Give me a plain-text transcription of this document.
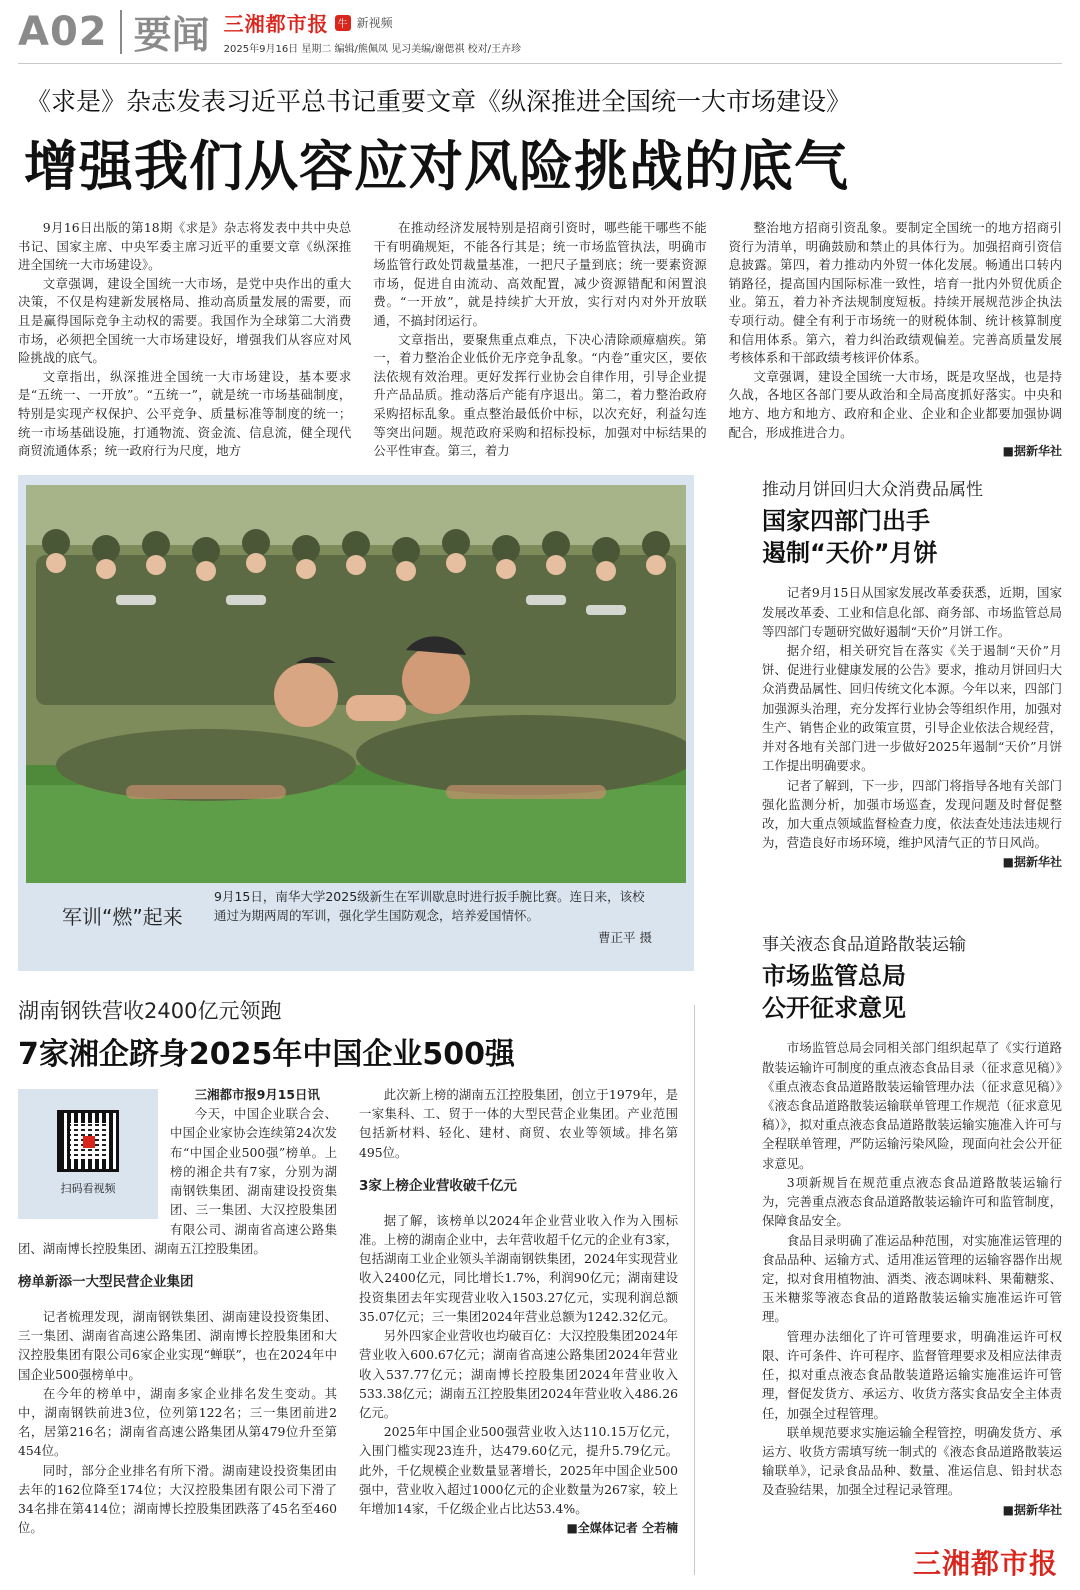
A02 要闻 三湘都市报 牛 新视频
2025年9月16日 星期二 编辑/熊佩凤 见习美编/谢偲祺 校对/王卉珍
《求是》杂志发表习近平总书记重要文章《纵深推进全国统一大市场建设》
增强我们从容应对风险挑战的底气

9月16日出版的第18期《求是》杂志将发表中共中央总书记、国家主席、中央军委主席习近平的重要文章《纵深推进全国统一大市场建设》。

文章强调，建设全国统一大市场，是党中央作出的重大决策，不仅是构建新发展格局、推动高质量发展的需要，而且是赢得国际竞争主动权的需要。我国作为全球第二大消费市场，必须把全国统一大市场建设好，增强我们从容应对风险挑战的底气。

文章指出，纵深推进全国统一大市场建设，基本要求是“五统一、一开放”。“五统一”，就是统一市场基础制度，特别是实现产权保护、公平竞争、质量标准等制度的统一；统一市场基础设施，打通物流、资金流、信息流，健全现代商贸流通体系；统一政府行为尺度，地方

在推动经济发展特别是招商引资时，哪些能干哪些不能干有明确规矩，不能各行其是；统一市场监管执法，明确市场监管行政处罚裁量基准，一把尺子量到底；统一要素资源市场，促进自由流动、高效配置，减少资源错配和闲置浪费。“一开放”，就是持续扩大开放，实行对内对外开放联通，不搞封闭运行。

文章指出，要聚焦重点难点，下决心清除顽瘴痼疾。第一，着力整治企业低价无序竞争乱象。“内卷”重灾区，要依法依规有效治理。更好发挥行业协会自律作用，引导企业提升产品品质。推动落后产能有序退出。第二，着力整治政府采购招标乱象。重点整治最低价中标，以次充好，利益勾连等突出问题。规范政府采购和招标投标，加强对中标结果的公平性审查。第三，着力

整治地方招商引资乱象。要制定全国统一的地方招商引资行为清单，明确鼓励和禁止的具体行为。加强招商引资信息披露。第四，着力推动内外贸一体化发展。畅通出口转内销路径，提高国内国际标准一致性，培育一批内外贸优质企业。第五，着力补齐法规制度短板。持续开展规范涉企执法专项行动。健全有利于市场统一的财税体制、统计核算制度和信用体系。第六，着力纠治政绩观偏差。完善高质量发展考核体系和干部政绩考核评价体系。

文章强调，建设全国统一大市场，既是攻坚战，也是持久战，各地区各部门要从政治和全局高度抓好落实。中央和地方、地方和地方、政府和企业、企业和企业都要加强协调配合，形成推进合力。

■据新华社
军训“燃”起来
9月15日，南华大学2025级新生在军训歇息时进行扳手腕比赛。连日来，该校通过为期两周的军训，强化学生国防观念，培养爱国情怀。
曹正平 摄
推动月饼回归大众消费品属性
国家四部门出手
遏制“天价”月饼

记者9月15日从国家发展改革委获悉，近期，国家发展改革委、工业和信息化部、商务部、市场监管总局等四部门专题研究做好遏制“天价”月饼工作。

据介绍，相关研究旨在落实《关于遏制“天价”月饼、促进行业健康发展的公告》要求，推动月饼回归大众消费品属性、回归传统文化本源。今年以来，四部门加强源头治理，充分发挥行业协会等组织作用，加强对生产、销售企业的政策宣贯，引导企业依法合规经营，并对各地有关部门进一步做好2025年遏制“天价”月饼工作提出明确要求。

记者了解到，下一步，四部门将指导各地有关部门强化监测分析，加强市场巡查，发现问题及时督促整改，加大重点领域监督检查力度，依法查处违法违规行为，营造良好市场环境，维护风清气正的节日风尚。

■据新华社
事关液态食品道路散装运输
市场监管总局
公开征求意见

市场监管总局会同相关部门组织起草了《实行道路散装运输许可制度的重点液态食品目录（征求意见稿）》《重点液态食品道路散装运输管理办法（征求意见稿）》《液态食品道路散装运输联单管理工作规范（征求意见稿）》，拟对重点液态食品道路散装运输实施准入许可与全程联单管理，严防运输污染风险，现面向社会公开征求意见。

3项新规旨在规范重点液态食品道路散装运输行为，完善重点液态食品道路散装运输许可和监管制度，保障食品安全。

食品目录明确了准运品种范围，对实施准运管理的食品品种、运输方式、适用准运管理的运输容器作出规定，拟对食用植物油、酒类、液态调味料、果葡糖浆、玉米糖浆等液态食品的道路散装运输实施准运许可管理。

管理办法细化了许可管理要求，明确准运许可权限、许可条件、许可程序、监督管理要求及相应法律责任，拟对重点液态食品散装道路运输实施准运许可管理，督促发货方、承运方、收货方落实食品安全主体责任，加强全过程管理。

联单规范要求实施运输全程管控，明确发货方、承运方、收货方需填写统一制式的《液态食品道路散装运输联单》，记录食品品种、数量、准运信息、铅封状态及查验结果，加强全过程记录管理。

■据新华社
湖南钢铁营收2400亿元领跑
7家湘企跻身2025年中国企业500强
扫码看视频

三湘都市报9月15日讯

今天，中国企业联合会、中国企业家协会连续第24次发布“中国企业500强”榜单。上榜的湘企共有7家，分别为湖南钢铁集团、湖南建设投资集团、三一集团、大汉控股集团有限公司、湖南省高速公路集团、湖南博长控股集团、湖南五江控股集团。

榜单新添一大型民营企业集团

记者梳理发现，湖南钢铁集团、湖南建设投资集团、三一集团、湖南省高速公路集团、湖南博长控股集团和大汉控股集团有限公司6家企业实现“蝉联”，也在2024年中国企业500强榜单中。

在今年的榜单中，湖南多家企业排名发生变动。其中，湖南钢铁前进3位，位列第122名；三一集团前进2名，居第216名；湖南省高速公路集团从第479位升至第454位。

同时，部分企业排名有所下滑。湖南建设投资集团由去年的162位降至174位；大汉控股集团有限公司下滑了34名排在第414位；湖南博长控股集团跌落了45名至460位。

此次新上榜的湖南五江控股集团，创立于1979年，是一家集科、工、贸于一体的大型民营企业集团。产业范围包括新材料、轻化、建材、商贸、农业等领域。排名第495位。

3家上榜企业营收破千亿元

据了解，该榜单以2024年企业营业收入作为入围标准。上榜的湖南企业中，去年营收超千亿元的企业有3家，包括湖南工业企业领头羊湖南钢铁集团，2024年实现营业收入2400亿元，同比增长1.7%，利润90亿元；湖南建设投资集团去年实现营业收入1503.27亿元，实现利润总额35.07亿元；三一集团2024年营业总额为1242.32亿元。

另外四家企业营收也均破百亿：大汉控股集团2024年营业收入600.67亿元；湖南省高速公路集团2024年营业收入537.77亿元；湖南博长控股集团2024年营业收入533.38亿元；湖南五江控股集团2024年营业收入486.26亿元。

2025年中国企业500强营业收入达110.15万亿元，入围门槛实现23连升，达479.60亿元，提升5.79亿元。此外，千亿规模企业数量显著增长，2025年中国企业500强中，营业收入超过1000亿元的企业数量为267家，较上年增加14家，千亿级企业占比达53.4%。

■全媒体记者 仝若楠
三湘都市报
